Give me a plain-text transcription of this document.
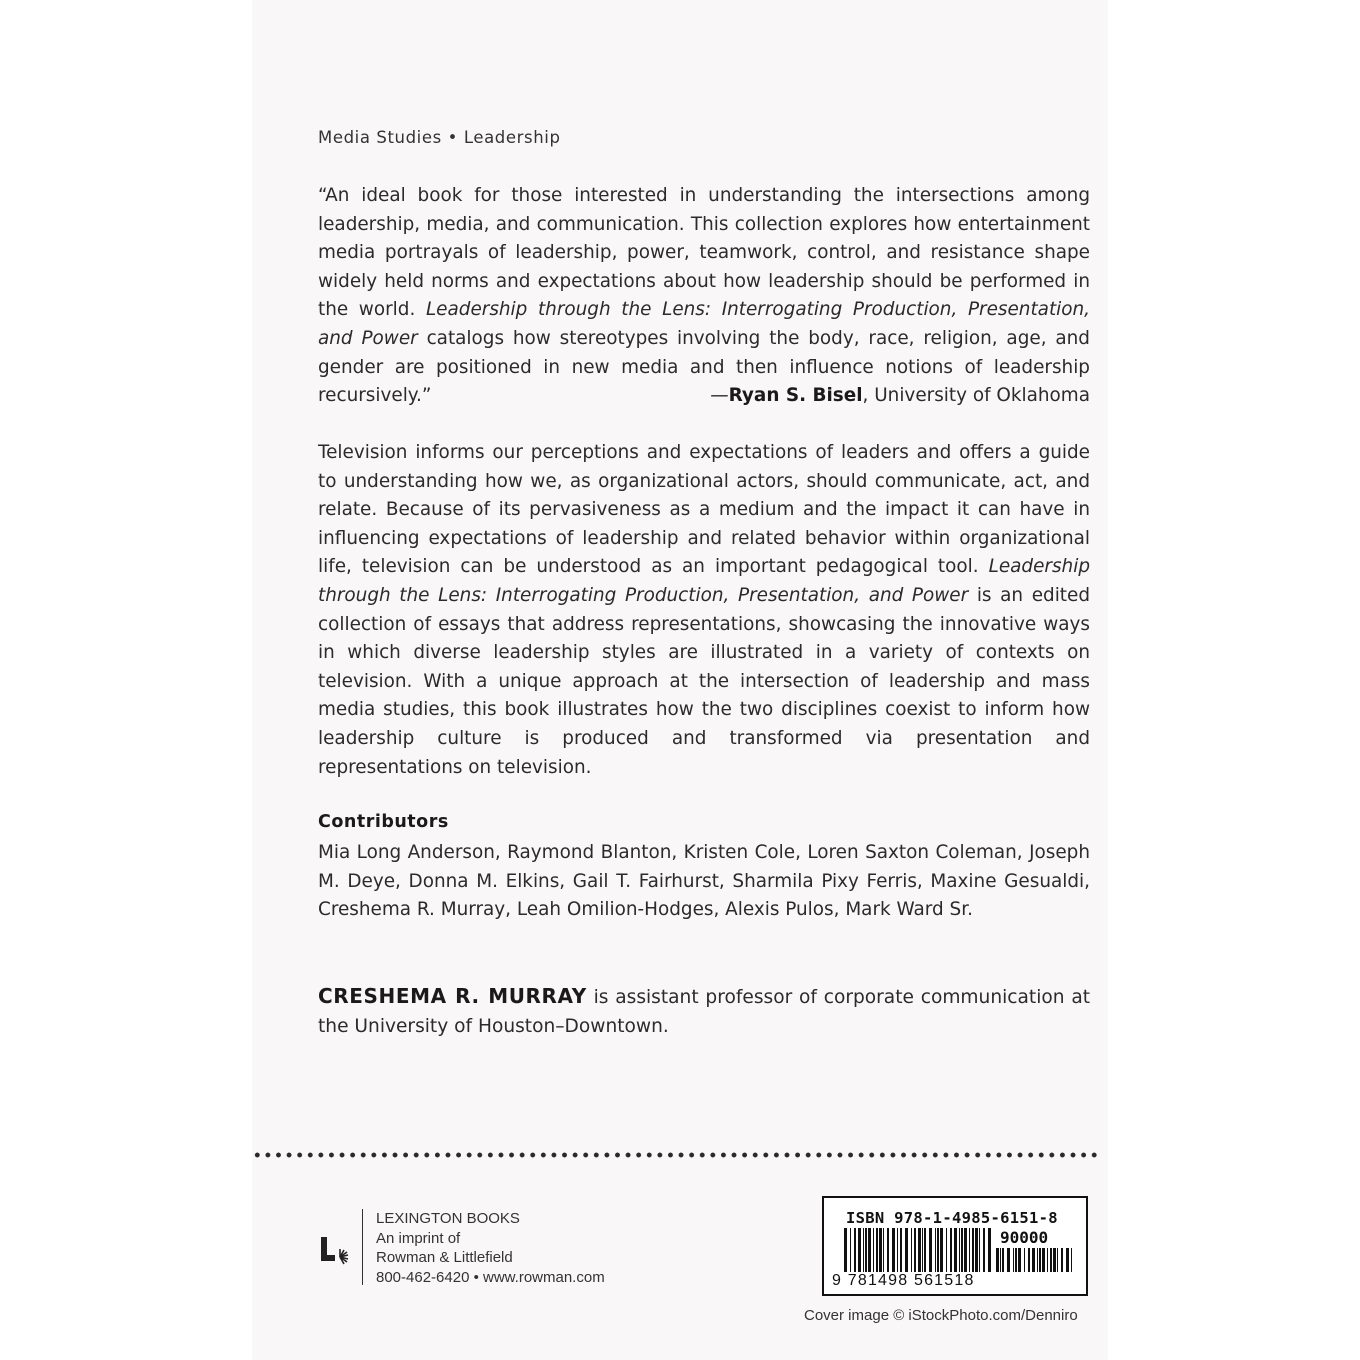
Media Studies • Leadership
“An ideal book for those interested in understanding the intersections among leadership, media, and communication. This collection explores how entertainment media portrayals of leadership, power, teamwork, control, and resistance shape widely held norms and expectations about how leadership should be performed in the world. Leadership through the Lens: Interrogating Production, Presentation, and Power catalogs how stereotypes involving the body, race, religion, age, and gender are positioned in new media and then influence notions of leadership recursively.”	—Ryan S. Bisel, University of Oklahoma
Television informs our perceptions and expectations of leaders and offers a guide to understanding how we, as organizational actors, should communicate, act, and relate. Because of its pervasiveness as a medium and the impact it can have in influencing expectations of leadership and related behavior within organizational life, television can be understood as an important pedagogical tool. Leadership through the Lens: Interrogating Production, Presentation, and Power is an edited collection of essays that address representations, showcasing the innovative ways in which diverse leadership styles are illustrated in a variety of contexts on television. With a unique approach at the intersection of leadership and mass media studies, this book illustrates how the two disciplines coexist to inform how leadership culture is produced and transformed via presentation and representations on television.
Contributors
Mia Long Anderson, Raymond Blanton, Kristen Cole, Loren Saxton Coleman, Joseph M. Deye, Donna M. Elkins, Gail T. Fairhurst, Sharmila Pixy Ferris, Maxine Gesualdi, Creshema R. Murray, Leah Omilion-Hodges, Alexis Pulos, Mark Ward Sr.
CRESHEMA R. MURRAY is assistant professor of corporate communication at the University of Houston–Downtown.
LEXINGTON BOOKS
An imprint of
Rowman & Littlefield
800-462-6420 • www.rowman.com
ISBN 978-1-4985-6151-8
90000
9 781498 561518
Cover image © iStockPhoto.com/Denniro
